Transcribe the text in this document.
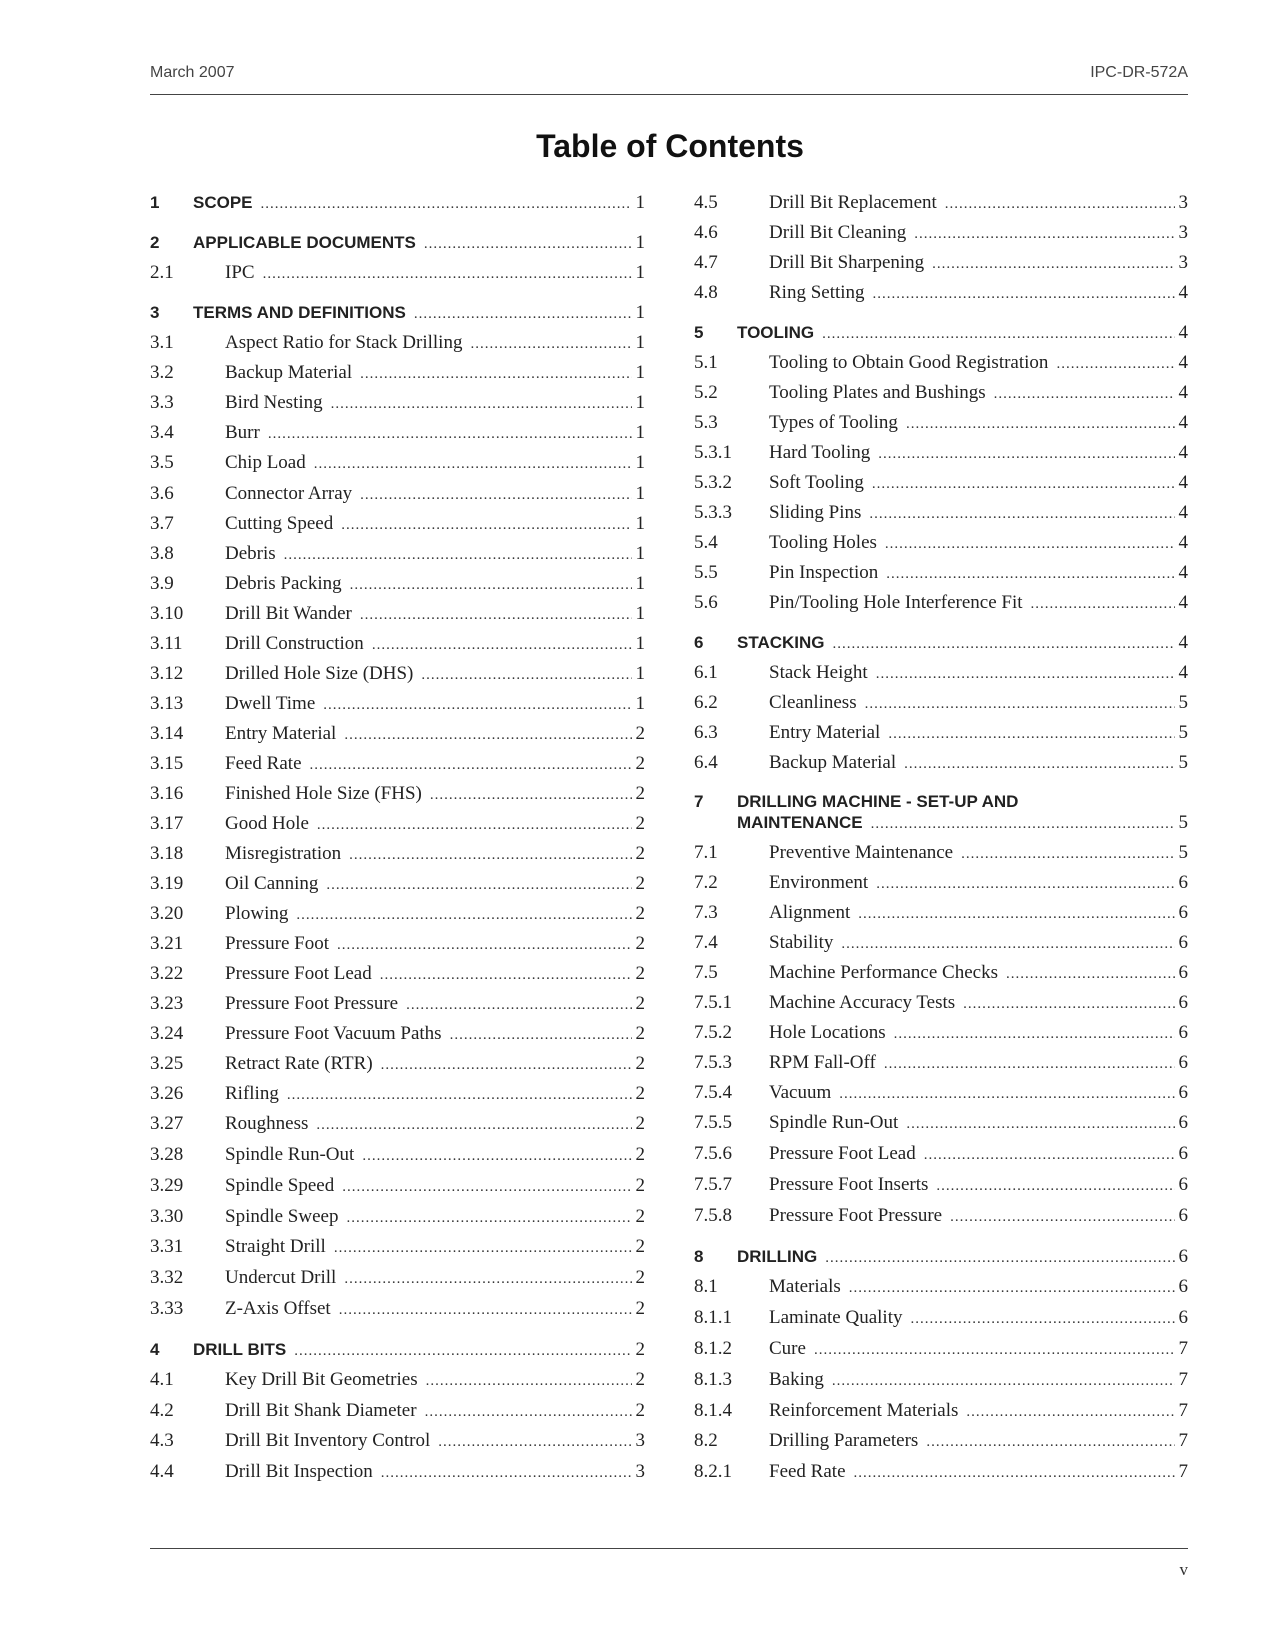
March 2007	IPC-DR-572A
Table of Contents
1	SCOPE .....	1
2	APPLICABLE DOCUMENTS .....	1
2.1	IPC .....	1
3	TERMS AND DEFINITIONS .....	1
3.1	Aspect Ratio for Stack Drilling .....	1
3.2	Backup Material .....	1
3.3	Bird Nesting .....	1
3.4	Burr .....	1
3.5	Chip Load .....	1
3.6	Connector Array .....	1
3.7	Cutting Speed .....	1
3.8	Debris .....	1
3.9	Debris Packing .....	1
3.10	Drill Bit Wander .....	1
3.11	Drill Construction .....	1
3.12	Drilled Hole Size (DHS) .....	1
3.13	Dwell Time .....	1
3.14	Entry Material .....	2
3.15	Feed Rate .....	2
3.16	Finished Hole Size (FHS) .....	2
3.17	Good Hole .....	2
3.18	Misregistration .....	2
3.19	Oil Canning .....	2
3.20	Plowing .....	2
3.21	Pressure Foot .....	2
3.22	Pressure Foot Lead .....	2
3.23	Pressure Foot Pressure .....	2
3.24	Pressure Foot Vacuum Paths .....	2
3.25	Retract Rate (RTR) .....	2
3.26	Rifling .....	2
3.27	Roughness .....	2
3.28	Spindle Run-Out .....	2
3.29	Spindle Speed .....	2
3.30	Spindle Sweep .....	2
3.31	Straight Drill .....	2
3.32	Undercut Drill .....	2
3.33	Z-Axis Offset .....	2
4	DRILL BITS .....	2
4.1	Key Drill Bit Geometries .....	2
4.2	Drill Bit Shank Diameter .....	2
4.3	Drill Bit Inventory Control .....	3
4.4	Drill Bit Inspection .....	3
4.5	Drill Bit Replacement .....	3
4.6	Drill Bit Cleaning .....	3
4.7	Drill Bit Sharpening .....	3
4.8	Ring Setting .....	4
5	TOOLING .....	4
5.1	Tooling to Obtain Good Registration .....	4
5.2	Tooling Plates and Bushings .....	4
5.3	Types of Tooling .....	4
5.3.1	Hard Tooling .....	4
5.3.2	Soft Tooling .....	4
5.3.3	Sliding Pins .....	4
5.4	Tooling Holes .....	4
5.5	Pin Inspection .....	4
5.6	Pin/Tooling Hole Interference Fit .....	4
6	STACKING .....	4
6.1	Stack Height .....	4
6.2	Cleanliness .....	5
6.3	Entry Material .....	5
6.4	Backup Material .....	5
7	DRILLING MACHINE - SET-UP AND
MAINTENANCE .....	5
7.1	Preventive Maintenance .....	5
7.2	Environment .....	6
7.3	Alignment .....	6
7.4	Stability .....	6
7.5	Machine Performance Checks .....	6
7.5.1	Machine Accuracy Tests .....	6
7.5.2	Hole Locations .....	6
7.5.3	RPM Fall-Off .....	6
7.5.4	Vacuum .....	6
7.5.5	Spindle Run-Out .....	6
7.5.6	Pressure Foot Lead .....	6
7.5.7	Pressure Foot Inserts .....	6
7.5.8	Pressure Foot Pressure .....	6
8	DRILLING .....	6
8.1	Materials .....	6
8.1.1	Laminate Quality .....	6
8.1.2	Cure .....	7
8.1.3	Baking .....	7
8.1.4	Reinforcement Materials .....	7
8.2	Drilling Parameters .....	7
8.2.1	Feed Rate .....	7
v
